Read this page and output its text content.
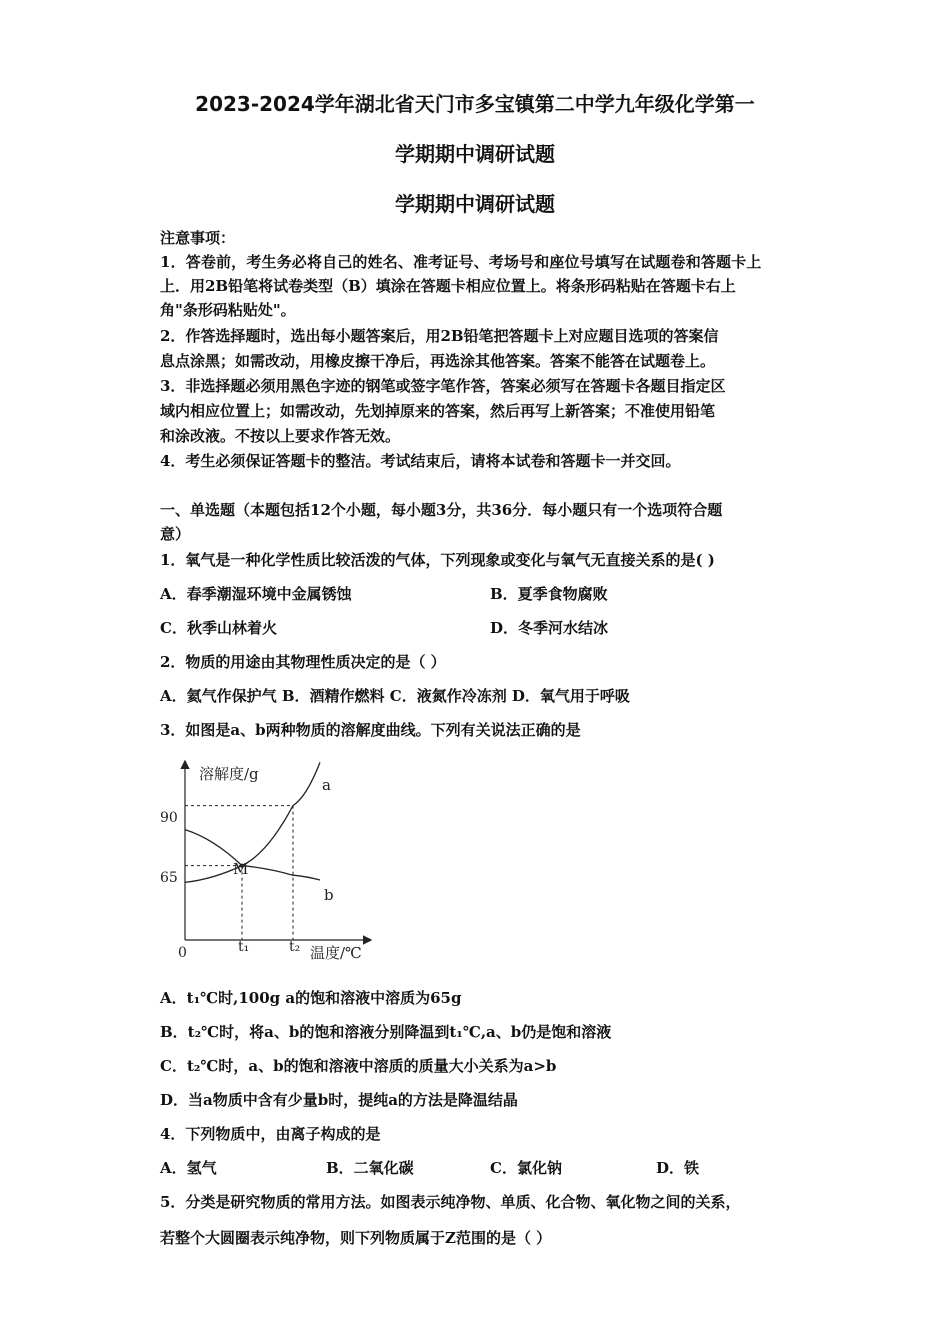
2023-2024学年湖北省天门市多宝镇第二中学九年级化学第一
学期期中调研试题
学期期中调研试题
注意事项：
1．答卷前，考生务必将自己的姓名、准考证号、考场号和座位号填写在试题卷和答题卡上
上．用2B铅笔将试卷类型（B）填涂在答题卡相应位置上。将条形码粘贴在答题卡右上
角"条形码粘贴处"。
2．作答选择题时，选出每小题答案后，用2B铅笔把答题卡上对应题目选项的答案信
息点涂黑；如需改动，用橡皮擦干净后，再选涂其他答案。答案不能答在试题卷上。
3．非选择题必须用黑色字迹的钢笔或签字笔作答，答案必须写在答题卡各题目指定区
域内相应位置上；如需改动，先划掉原来的答案，然后再写上新答案；不准使用铅笔
和涂改液。不按以上要求作答无效。
4．考生必须保证答题卡的整洁。考试结束后，请将本试卷和答题卡一并交回。
一、单选题（本题包括12个小题，每小题3分，共36分．每小题只有一个选项符合题
意）
1．氧气是一种化学性质比较活泼的气体，下列现象或变化与氧气无直接关系的是( )
A．春季潮湿环境中金属锈蚀	B．夏季食物腐败
C．秋季山林着火	D．冬季河水结冰
2．物质的用途由其物理性质决定的是（ ）
A．氦气作保护气 B．酒精作燃料 C．液氮作冷冻剂 D．氧气用于呼吸
3．如图是a、b两种物质的溶解度曲线。下列有关说法正确的是
溶解度/g
温度/℃
0
90
65
t₁	t₂
M
a
b
A．t₁℃时,100g a的饱和溶液中溶质为65g
B．t₂℃时，将a、b的饱和溶液分别降温到t₁℃,a、b仍是饱和溶液
C．t₂℃时，a、b的饱和溶液中溶质的质量大小关系为a>b
D．当a物质中含有少量b时，提纯a的方法是降温结晶
4．下列物质中，由离子构成的是
A．氢气	B．二氧化碳	C．氯化钠	D．铁
5．分类是研究物质的常用方法。如图表示纯净物、单质、化合物、氧化物之间的关系，
若整个大圆圈表示纯净物，则下列物质属于Z范围的是（ ）
